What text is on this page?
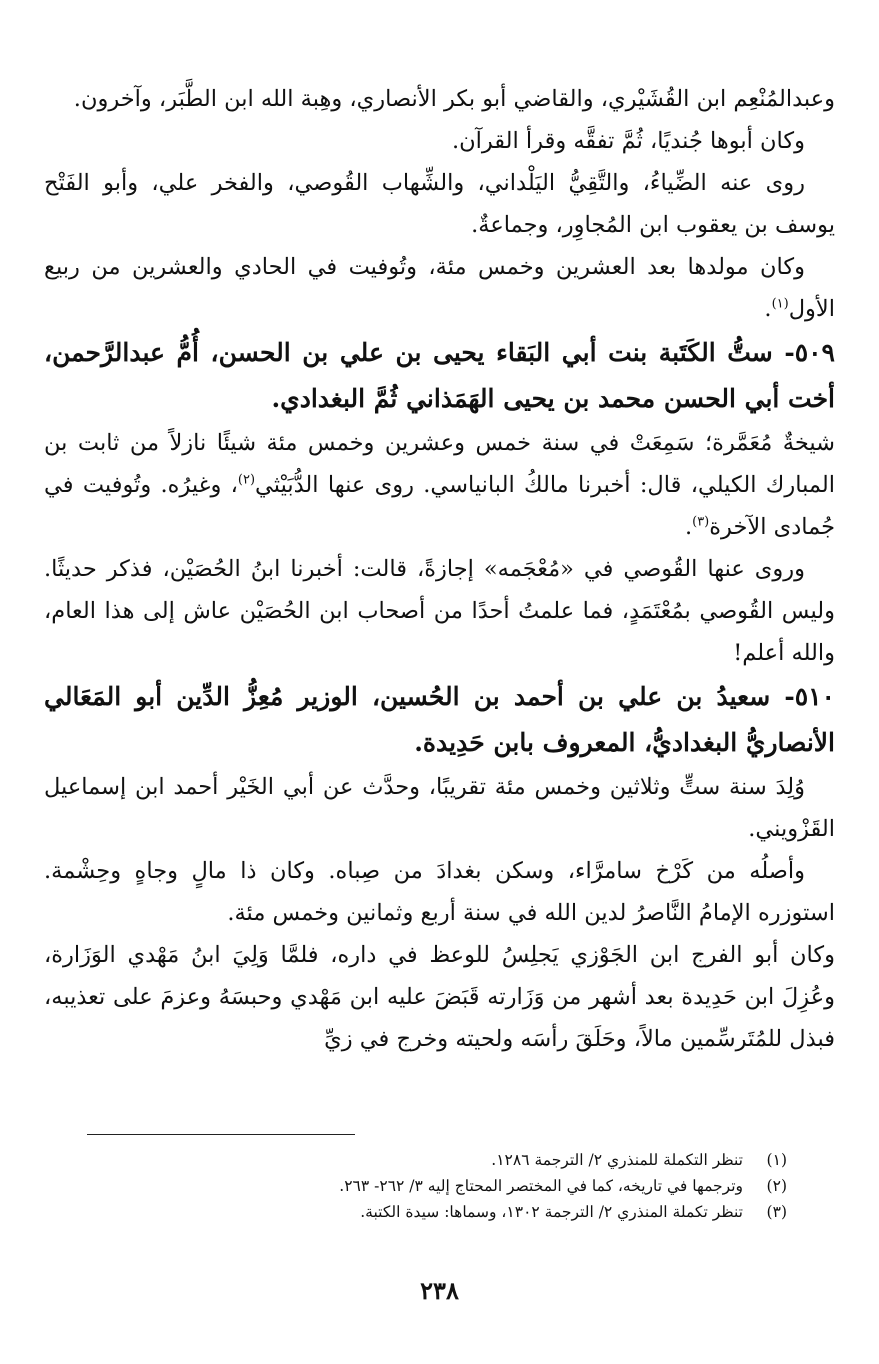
وعبدالمُنْعِم ابن القُشَيْري، والقاضي أبو بكر الأنصاري، وهِبة الله ابن الطَّبَر، وآخرون.

وكان أبوها جُنديًا، ثُمَّ تفقَّه وقرأ القرآن.

روى عنه الضِّياءُ، والتَّقِيُّ اليَلْداني، والشِّهاب القُوصي، والفخر علي، وأبو الفَتْح يوسف بن يعقوب ابن المُجاوِر، وجماعةٌ.

وكان مولدها بعد العشرين وخمس مئة، وتُوفيت في الحادي والعشرين من ربيع الأول$^{(١)}$.

٥٠٩- ستُّ الكَتَبة بنت أبي البَقاء يحيى بن علي بن الحسن، أُمُّ عبدالرَّحمن، أخت أبي الحسن محمد بن يحيى الهَمَذاني ثُمَّ البغدادي.

شيخةٌ مُعَمَّرة؛ سَمِعَتْ في سنة خمس وعشرين وخمس مئة شيئًا نازلاً من ثابت بن المبارك الكيلي، قال: أخبرنا مالكُ البانياسي. روى عنها الدُّبَيْثي$^{(٢)}$، وغيرُه. وتُوفيت في جُمادى الآخرة$^{(٣)}$.

وروى عنها القُوصي في «مُعْجَمه» إجازةً، قالت: أخبرنا ابنُ الحُصَيْن، فذكر حديثًا. وليس القُوصي بمُعْتَمَدٍ، فما علمتُ أحدًا من أصحاب ابن الحُصَيْن عاش إلى هذا العام، والله أعلم!

٥١٠- سعيدُ بن علي بن أحمد بن الحُسين، الوزير مُعِزُّ الدِّين أبو المَعَالي الأنصاريُّ البغداديُّ، المعروف بابن حَدِيدة.

وُلِدَ سنة ستٍّ وثلاثين وخمس مئة تقريبًا، وحدَّث عن أبي الخَيْر أحمد ابن إسماعيل القَزْويني.

وأصلُه من كَرْخ سامرَّاء، وسكن بغدادَ من صِباه. وكان ذا مالٍ وجاهٍ وحِشْمة. استوزره الإمامُ النَّاصرُ لدين الله في سنة أربع وثمانين وخمس مئة.

وكان أبو الفرج ابن الجَوْزي يَجلِسُ للوعظ في داره، فلمَّا وَلِيَ ابنُ مَهْدي الوَزَارة، وعُزِلَ ابن حَدِيدة بعد أشهر من وَزَارته قَبَضَ عليه ابن مَهْدي وحبسَهُ وعزمَ على تعذيبه، فبذل للمُتَرسِّمين مالاً، وحَلَقَ رأسَه ولحيته وخرج في زيِّ

(١)
تنظر التكملة للمنذري ٢/ الترجمة ١٢٨٦.
(٢)
وترجمها في تاريخه، كما في المختصر المحتاج إليه ٣/ ٢٦٢- ٢٦٣.
(٣)
تنظر تكملة المنذري ٢/ الترجمة ١٣٠٢، وسماها: سيدة الكتبة.
٢٣٨
